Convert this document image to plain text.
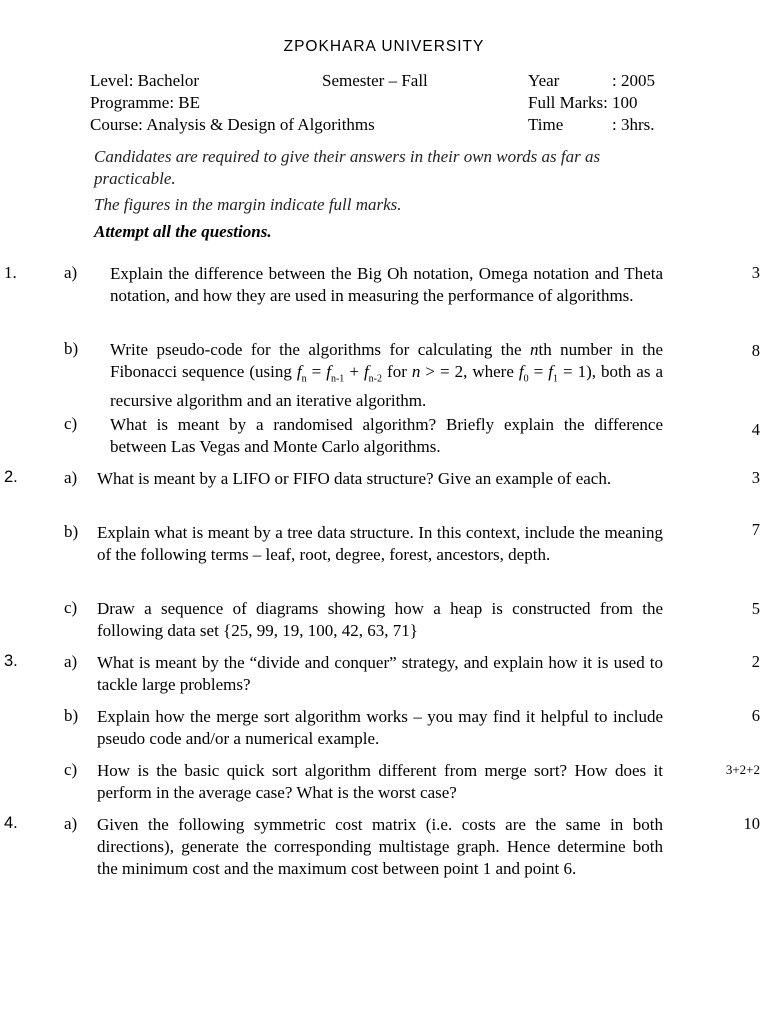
ZPOKHARA UNIVERSITY
Level: Bachelor	Semester – Fall	Year	: 2005
Programme: BE	Full Marks: 100
Course: Analysis & Design of Algorithms	Time	: 3hrs.
Candidates are required to give their answers in their own words as far as practicable.
The figures in the margin indicate full marks.
Attempt all the questions.
1.	a) Explain the difference between the Big Oh notation, Omega notation and Theta notation, and how they are used in measuring the performance of algorithms.
3
b) Write pseudo-code for the algorithms for calculating the nth number in the Fibonacci sequence (using $f_n = f_{n-1} + f_{n-2}$ for n > = 2, where $f_0 = f_1 = 1$), both as a recursive algorithm and an iterative algorithm.
8
c) What is meant by a randomised algorithm? Briefly explain the difference between Las Vegas and Monte Carlo algorithms.
4
2.	a) What is meant by a LIFO or FIFO data structure? Give an example of each.	3
b) Explain what is meant by a tree data structure. In this context, include the meaning of the following terms – leaf, root, degree, forest, ancestors, depth.
7
c) Draw a sequence of diagrams showing how a heap is constructed from the following data set {25, 99, 19, 100, 42, 63, 71}
5
3.	a) What is meant by the “divide and conquer” strategy, and explain how it is used to tackle large problems?
2
b) Explain how the merge sort algorithm works – you may find it helpful to include pseudo code and/or a numerical example.
6
c) How is the basic quick sort algorithm different from merge sort? How does it perform in the average case? What is the worst case?
3+2+2
4.	a) Given the following symmetric cost matrix (i.e. costs are the same in both directions), generate the corresponding multistage graph. Hence determine both the minimum cost and the maximum cost between point 1 and point 6.
10
